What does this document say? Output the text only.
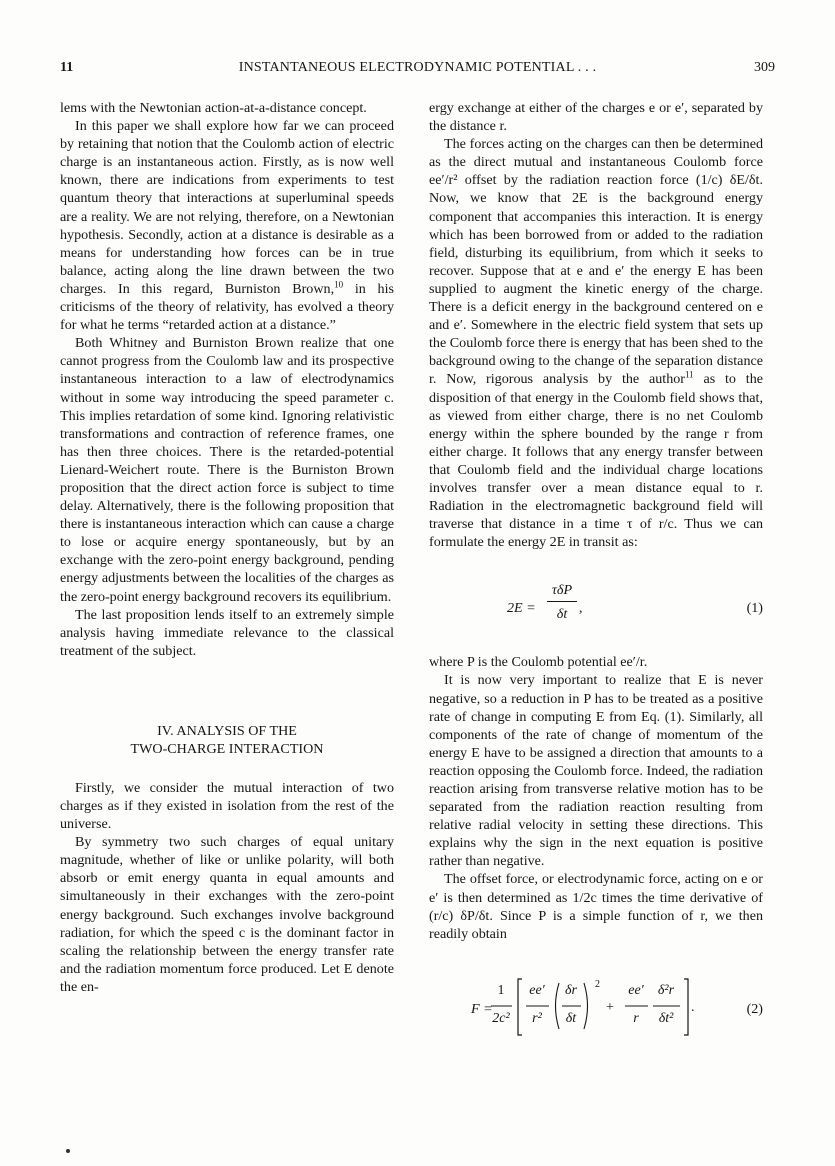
11	INSTANTANEOUS ELECTRODYNAMIC POTENTIAL . . .	309

lems with the Newtonian action-at-a-distance concept.

In this paper we shall explore how far we can proceed by retaining that notion that the Coulomb action of electric charge is an instantaneous action. Firstly, as is now well known, there are indications from experiments to test quantum theory that interactions at superluminal speeds are a reality. We are not relying, therefore, on a Newtonian hypothesis. Secondly, action at a distance is desirable as a means for understanding how forces can be in true balance, acting along the line drawn between the two charges. In this regard, Burniston Brown,$^{10}$ in his criticisms of the theory of relativity, has evolved a theory for what he terms “retarded action at a distance.”

Both Whitney and Burniston Brown realize that one cannot progress from the Coulomb law and its prospective instantaneous interaction to a law of electrodynamics without in some way introducing the speed parameter c. This implies retardation of some kind. Ignoring relativistic transformations and contraction of reference frames, one has then three choices. There is the retarded-potential Lienard-Weichert route. There is the Burniston Brown proposition that the direct action force is subject to time delay. Alternatively, there is the following proposition that there is instantaneous interaction which can cause a charge to lose or acquire energy spontaneously, but by an exchange with the zero-point energy background, pending energy adjustments between the localities of the charges as the zero-point energy background recovers its equilibrium.

The last proposition lends itself to an extremely simple analysis having immediate relevance to the classical treatment of the subject.

IV. ANALYSIS OF THE
TWO-CHARGE INTERACTION

Firstly, we consider the mutual interaction of two charges as if they existed in isolation from the rest of the universe.

By symmetry two such charges of equal unitary magnitude, whether of like or unlike polarity, will both absorb or emit energy quanta in equal amounts and simultaneously in their exchanges with the zero-point energy background. Such exchanges involve background radiation, for which the speed c is the dominant factor in scaling the relationship between the energy transfer rate and the radiation momentum force produced. Let E denote the en-

ergy exchange at either of the charges e or e′, separated by the distance r.

The forces acting on the charges can then be determined as the direct mutual and instantaneous Coulomb force ee′/r² offset by the radiation reaction force (1/c) δE/δt. Now, we know that 2E is the background energy component that accompanies this interaction. It is energy which has been borrowed from or added to the radiation field, disturbing its equilibrium, from which it seeks to recover. Suppose that at e and e′ the energy E has been supplied to augment the kinetic energy of the charge. There is a deficit energy in the background centered on e and e′. Somewhere in the electric field system that sets up the Coulomb force there is energy that has been shed to the background owing to the change of the separation distance r. Now, rigorous analysis by the author$^{11}$ as to the disposition of that energy in the Coulomb field shows that, as viewed from either charge, there is no net Coulomb energy within the sphere bounded by the range r from either charge. It follows that any energy transfer between that Coulomb field and the individual charge locations involves transfer over a mean distance equal to r. Radiation in the electromagnetic background field will traverse that distance in a time τ of r/c. Thus we can formulate the energy 2E in transit as:

2E =
τδP
δt ,	(1)

where P is the Coulomb potential ee′/r.

It is now very important to realize that E is never negative, so a reduction in P has to be treated as a positive rate of change in computing E from Eq. (1). Similarly, all components of the rate of change of momentum of the energy E have to be assigned a direction that amounts to a reaction opposing the Coulomb force. Indeed, the radiation reaction arising from transverse relative motion has to be separated from the radiation reaction resulting from relative radial velocity in setting these directions. This explains why the sign in the next equation is positive rather than negative.

The offset force, or electrodynamic force, acting on e or e′ is then determined as 1/2c times the time derivative of (r/c) δP/δt. Since P is a simple function of r, we then readily obtain

F =
1
2c²
ee′
r²
δr
δt
2
+
ee′
r
δ²r
δt²
.	(2)
